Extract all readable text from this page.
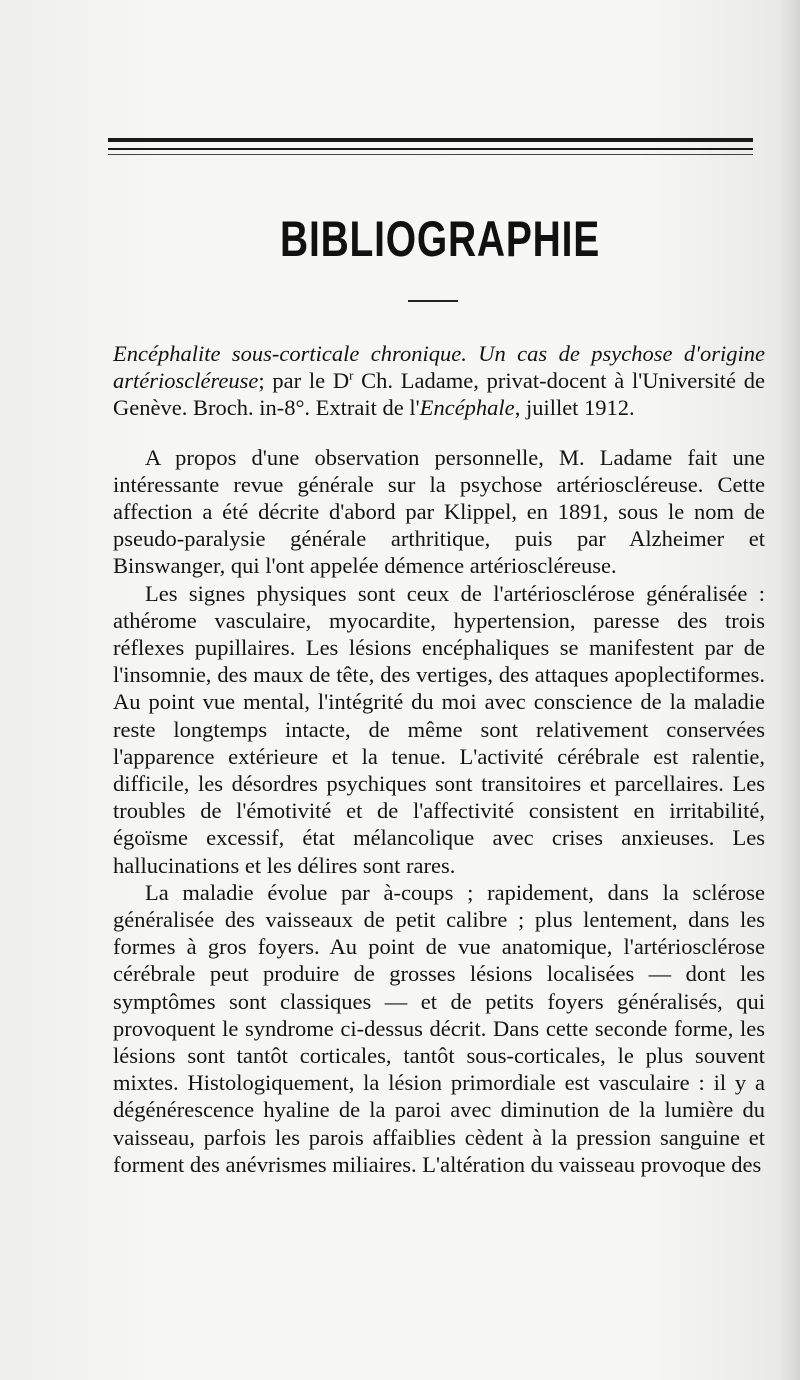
BIBLIOGRAPHIE

Encéphalite sous-corticale chronique. Un cas de psychose d'origine artérioscléreuse; par le $D^r$ Ch. Ladame, privat-docent à l'Université de Genève. Broch. in-8°. Extrait de l'Encéphale, juillet 1912.

A propos d'une observation personnelle, M. Ladame fait une intéressante revue générale sur la psychose artérioscléreuse. Cette affection a été décrite d'abord par Klippel, en 1891, sous le nom de pseudo-paralysie générale arthritique, puis par Alzheimer et Binswanger, qui l'ont appelée démence artérioscléreuse.

Les signes physiques sont ceux de l'artériosclérose généralisée : athérome vasculaire, myocardite, hypertension, paresse des trois réflexes pupillaires. Les lésions encéphaliques se manifestent par de l'insomnie, des maux de tête, des vertiges, des attaques apoplectiformes. Au point vue mental, l'intégrité du moi avec conscience de la maladie reste longtemps intacte, de même sont relativement conservées l'apparence extérieure et la tenue. L'activité cérébrale est ralentie, difficile, les désordres psychiques sont transitoires et parcellaires. Les troubles de l'émotivité et de l'affectivité consistent en irritabilité, égoïsme excessif, état mélancolique avec crises anxieuses. Les hallucinations et les délires sont rares.

La maladie évolue par à-coups ; rapidement, dans la sclérose généralisée des vaisseaux de petit calibre ; plus lentement, dans les formes à gros foyers. Au point de vue anatomique, l'artériosclérose cérébrale peut produire de grosses lésions localisées — dont les symptômes sont classiques — et de petits foyers généralisés, qui provoquent le syndrome ci-dessus décrit. Dans cette seconde forme, les lésions sont tantôt corticales, tantôt sous-corticales, le plus souvent mixtes. Histologiquement, la lésion primordiale est vasculaire : il y a dégénérescence hyaline de la paroi avec diminution de la lumière du vaisseau, parfois les parois affaiblies cèdent à la pression sanguine et forment des anévrismes miliaires. L'altération du vaisseau provoque des
